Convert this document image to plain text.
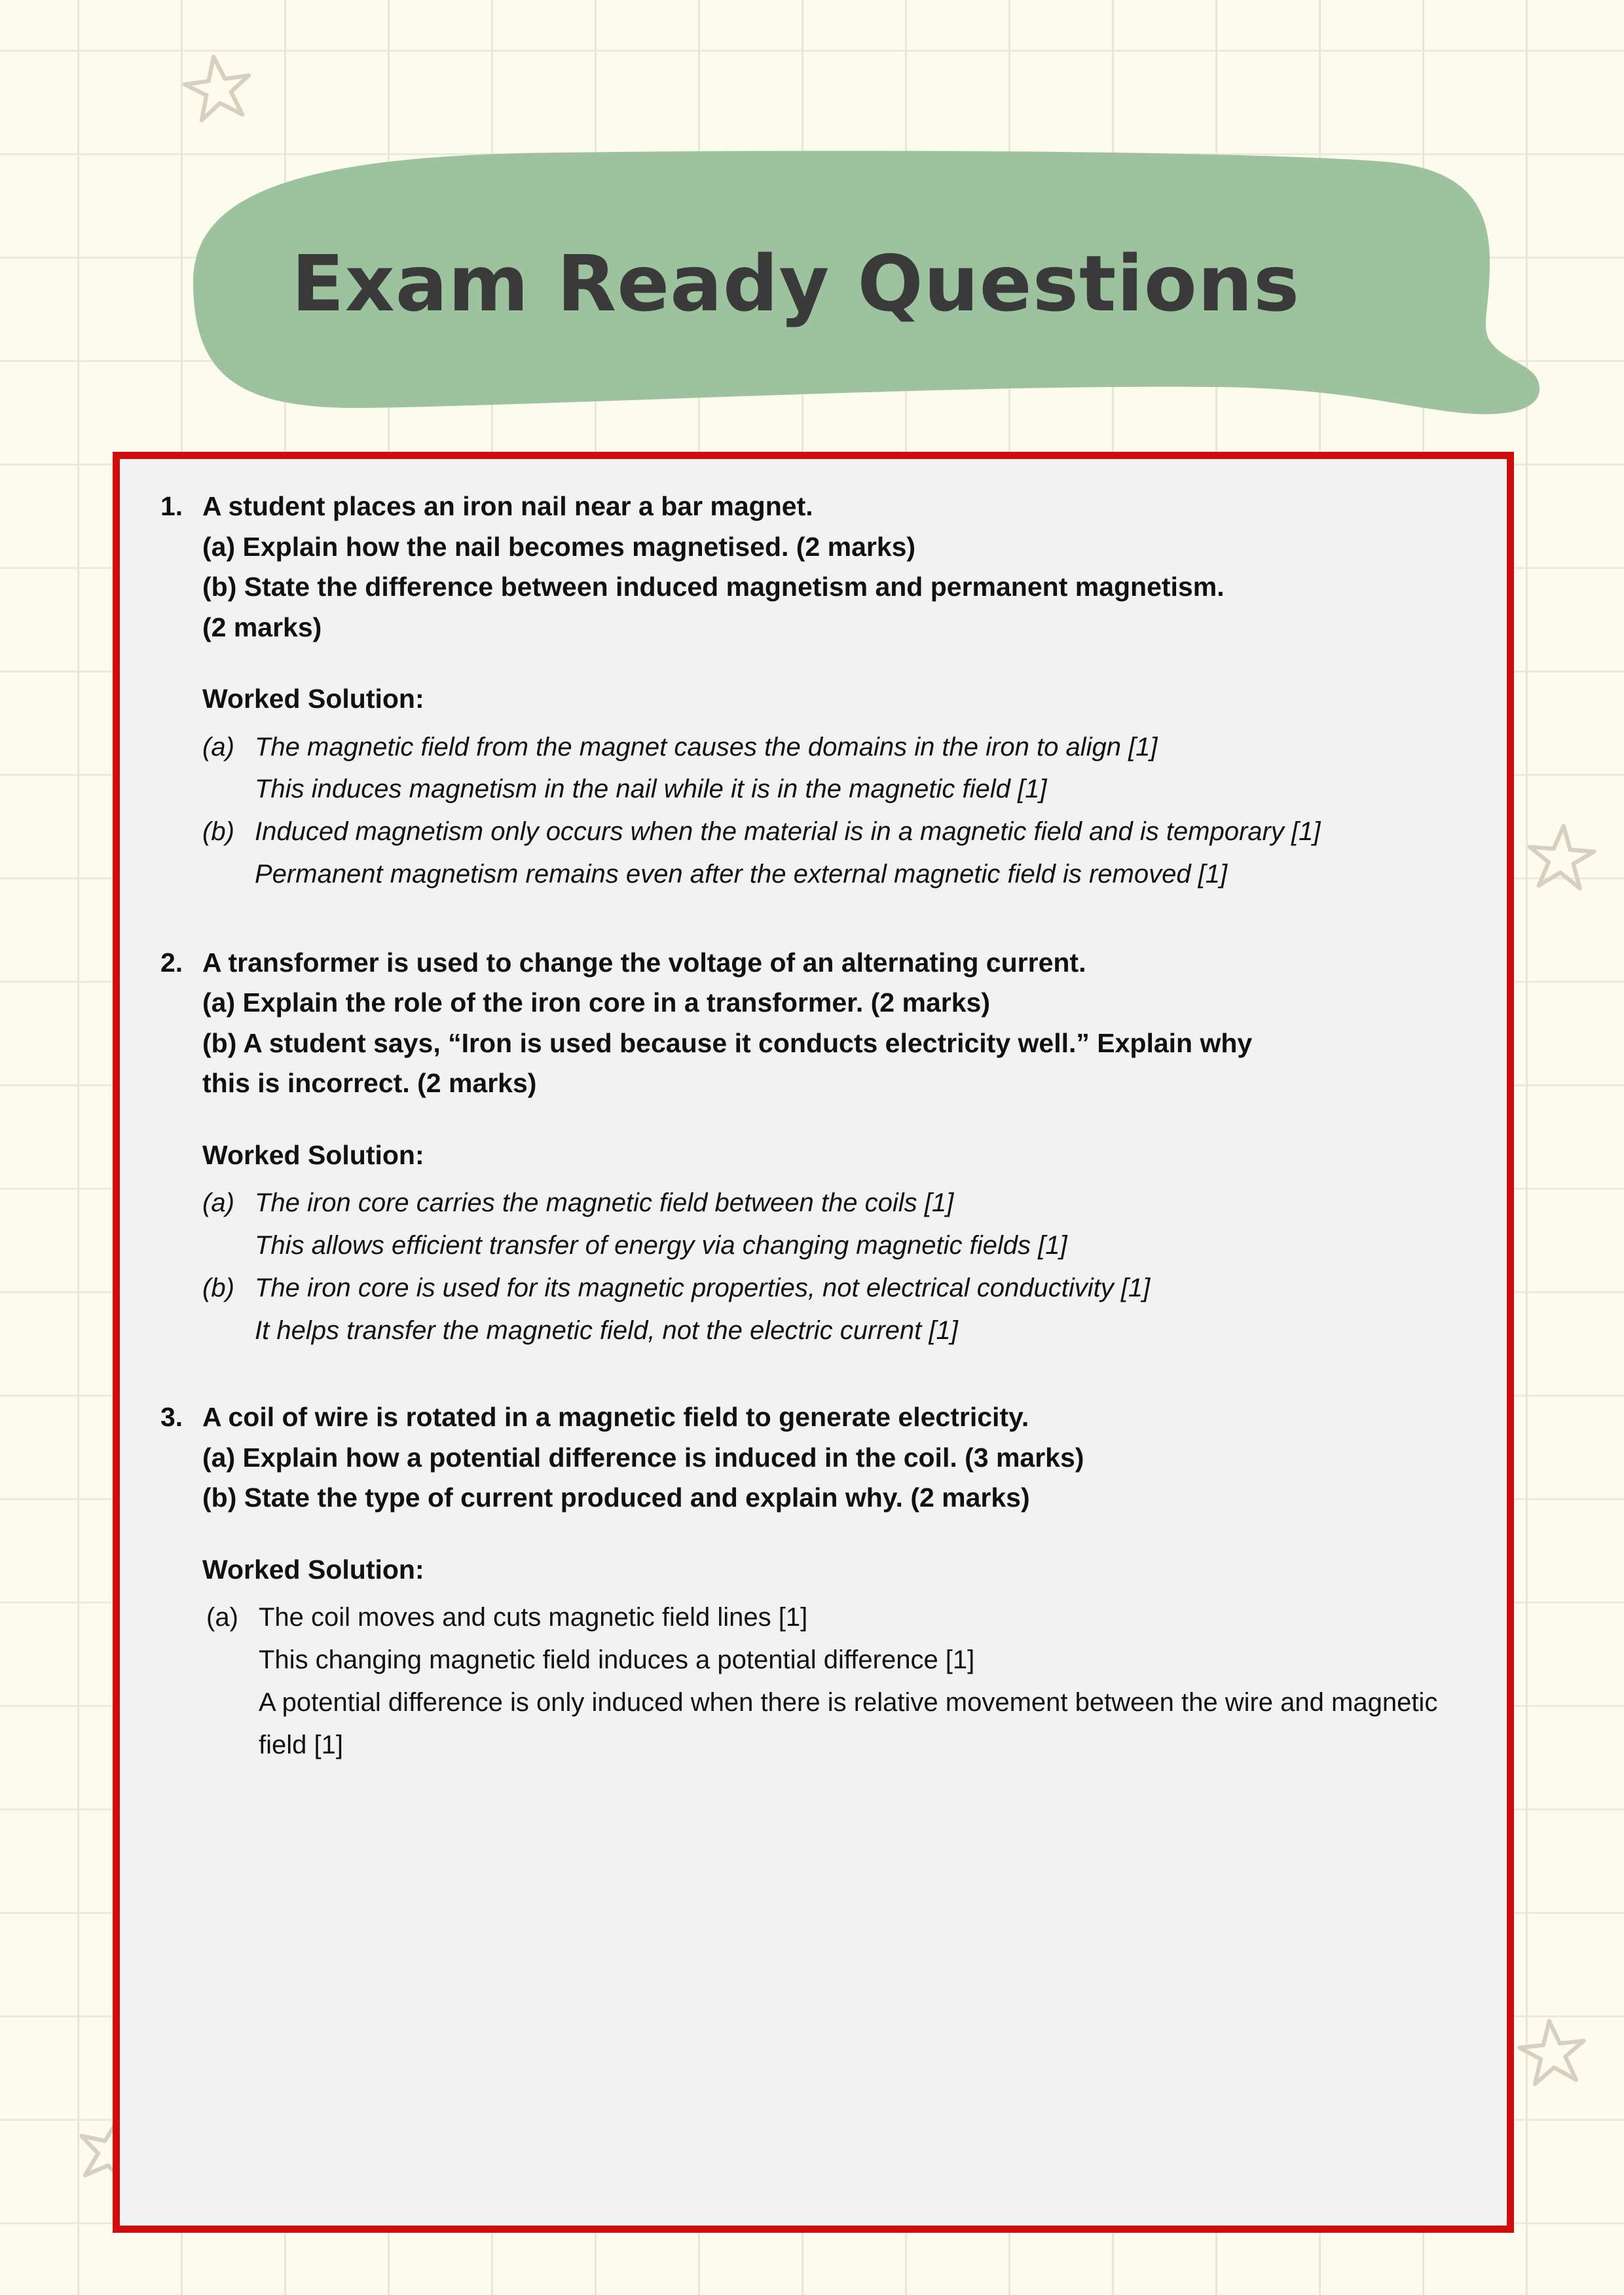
Exam Ready Questions
1. A student places an iron nail near a bar magnet.
(a) Explain how the nail becomes magnetised. (2 marks)
(b) State the difference between induced magnetism and permanent magnetism.
(2 marks)
Worked Solution:
(a) The magnetic field from the magnet causes the domains in the iron to align [1]
This induces magnetism in the nail while it is in the magnetic field [1]
(b) Induced magnetism only occurs when the material is in a magnetic field and is temporary [1]
Permanent magnetism remains even after the external magnetic field is removed [1]
2. A transformer is used to change the voltage of an alternating current.
(a) Explain the role of the iron core in a transformer. (2 marks)
(b) A student says, “Iron is used because it conducts electricity well.” Explain why
this is incorrect. (2 marks)
Worked Solution:
(a) The iron core carries the magnetic field between the coils [1]
This allows efficient transfer of energy via changing magnetic fields [1]
(b) The iron core is used for its magnetic properties, not electrical conductivity [1]
It helps transfer the magnetic field, not the electric current [1]
3. A coil of wire is rotated in a magnetic field to generate electricity.
(a) Explain how a potential difference is induced in the coil. (3 marks)
(b) State the type of current produced and explain why. (2 marks)
Worked Solution:
(a) The coil moves and cuts magnetic field lines [1]
This changing magnetic field induces a potential difference [1]
A potential difference is only induced when there is relative movement between the wire and magnetic field [1]
